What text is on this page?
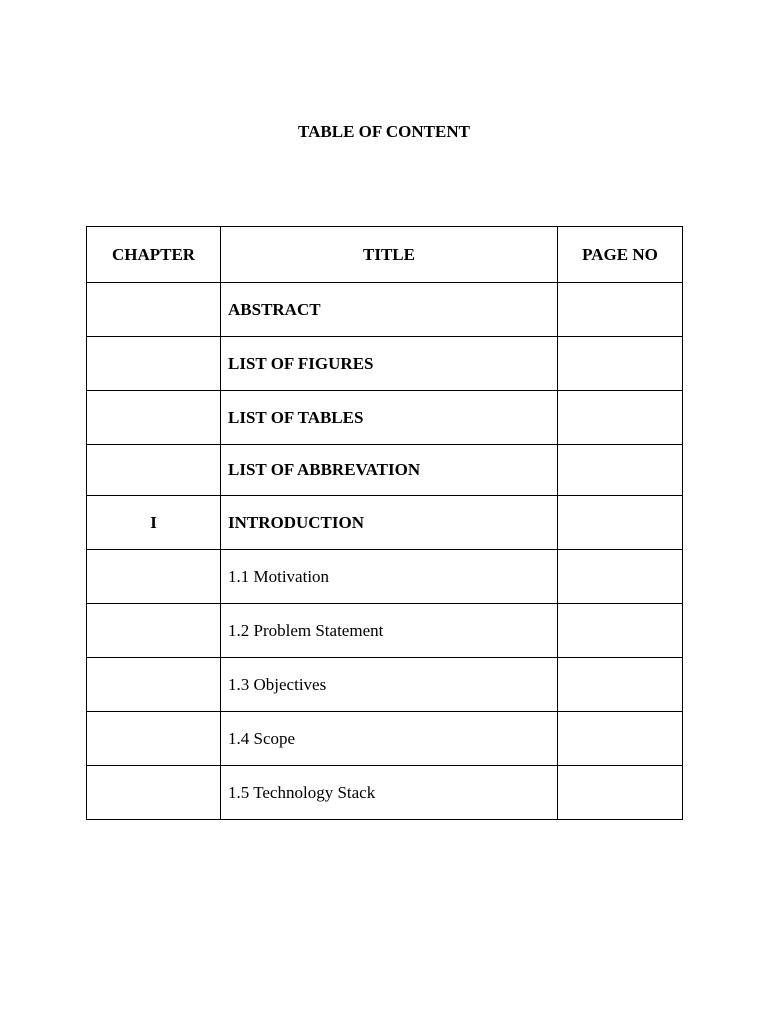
TABLE OF CONTENT
CHAPTER	TITLE	PAGE NO
	ABSTRACT	
	LIST OF FIGURES	
	LIST OF TABLES	
	LIST OF ABBREVATION	
I	INTRODUCTION	
	1.1 Motivation	
	1.2 Problem Statement	
	1.3 Objectives	
	1.4 Scope	
	1.5 Technology Stack	
